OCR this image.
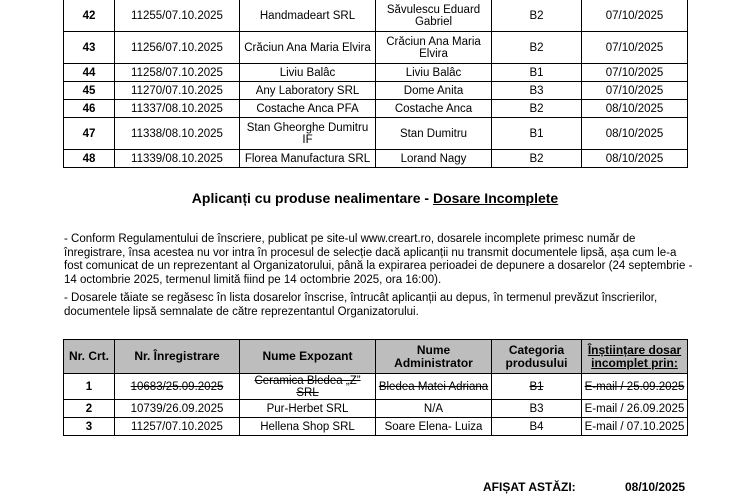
42	11255/07.10.2025	Handmadeart SRL	Săvulescu Eduard Gabriel	B2	07/10/2025
43	11256/07.10.2025	Crăciun Ana Maria Elvira	Crăciun Ana Maria Elvira	B2	07/10/2025
44	11258/07.10.2025	Liviu Balâc	Liviu Balâc	B1	07/10/2025
45	11270/07.10.2025	Any Laboratory SRL	Dome Anita	B3	07/10/2025
46	11337/08.10.2025	Costache Anca PFA	Costache Anca	B2	08/10/2025
47	11338/08.10.2025	Stan Gheorghe Dumitru IF	Stan Dumitru	B1	08/10/2025
48	11339/08.10.2025	Florea Manufactura SRL	Lorand Nagy	B2	08/10/2025
Aplicanți cu produse nealimentare - Dosare Incomplete
- Conform Regulamentului de înscriere, publicat pe site-ul www.creart.ro, dosarele incomplete primesc număr de înregistrare, însa acestea nu vor intra în procesul de selecție dacă aplicanții nu transmit documentele lipsă, așa cum le-a fost comunicat de un reprezentant al Organizatorului, până la expirarea perioadei de depunere a dosarelor (24 septembrie - 14 octombrie 2025, termenul limită fiind pe 14 octombrie 2025, ora 16:00).
- Dosarele tăiate se regăsesc în lista dosarelor înscrise, întrucât aplicanții au depus, în termenul prevăzut înscrierilor, documentele lipsă semnalate de către reprezentantul Organizatorului.
Nr. Crt.	Nr. Înregistrare	Nume Expozant	Nume Administrator	Categoria produsului	Înștiințare dosar incomplet prin:
1	10683/25.09.2025	Ceramica Bledea „Z” SRL	Bledea Matei Adriana	B1	E-mail / 25.09.2025
2	10739/26.09.2025	Pur-Herbet SRL	N/A	B3	E-mail / 26.09.2025
3	11257/07.10.2025	Hellena Shop SRL	Soare Elena- Luiza	B4	E-mail / 07.10.2025
AFIȘAT ASTĂZI:	08/10/2025
